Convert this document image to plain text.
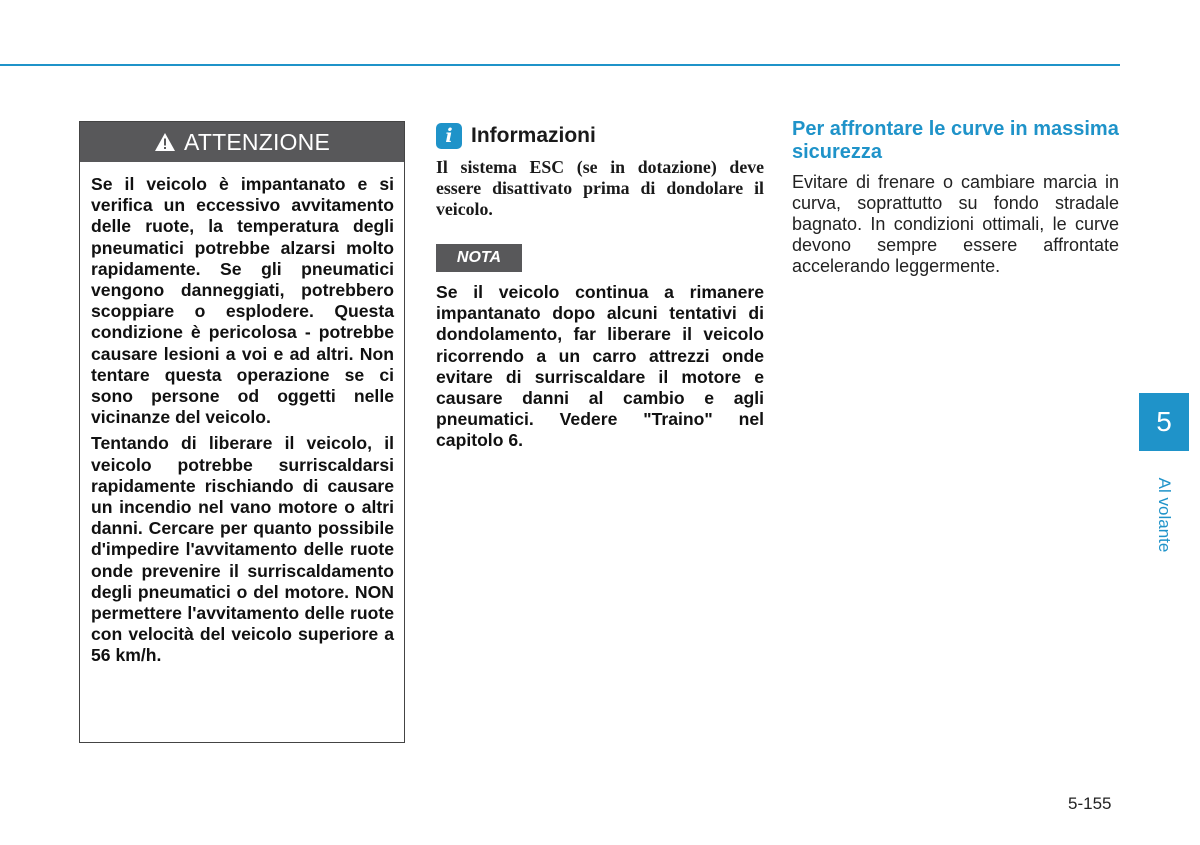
ATTENZIONE

Se il veicolo è impantanato e si verifica un eccessivo avvitamento delle ruote, la temperatura degli pneumatici potrebbe alzarsi molto rapidamente. Se gli pneumatici vengono danneggiati, potrebbero scoppiare o esplodere. Questa condizione è pericolosa - potrebbe causare lesioni a voi e ad altri. Non tentare questa operazione se ci sono persone od oggetti nelle vicinanze del veicolo.

Tentando di liberare il veicolo, il veicolo potrebbe surriscaldarsi rapidamente rischiando di causare un incendio nel vano motore o altri danni. Cercare per quanto possibile d'impedire l'avvitamento delle ruote onde prevenire il surriscaldamento degli pneumatici o del motore. NON permettere l'avvitamento delle ruote con velocità del veicolo superiore a 56 km/h.

i Informazioni

Il sistema ESC (se in dotazione) deve essere disattivato prima di dondolare il veicolo.

NOTA

Se il veicolo continua a rimanere impantanato dopo alcuni tentativi di dondolamento, far liberare il veicolo ricorrendo a un carro attrezzi onde evitare di surriscaldare il motore e causare danni al cambio e agli pneumatici. Vedere "Traino" nel capitolo 6.

Per affrontare le curve in massima sicurezza

Evitare di frenare o cambiare marcia in curva, soprattutto su fondo stradale bagnato. In condizioni ottimali, le curve devono sempre essere affrontate accelerando leggermente.

5
Al volante
5-155
